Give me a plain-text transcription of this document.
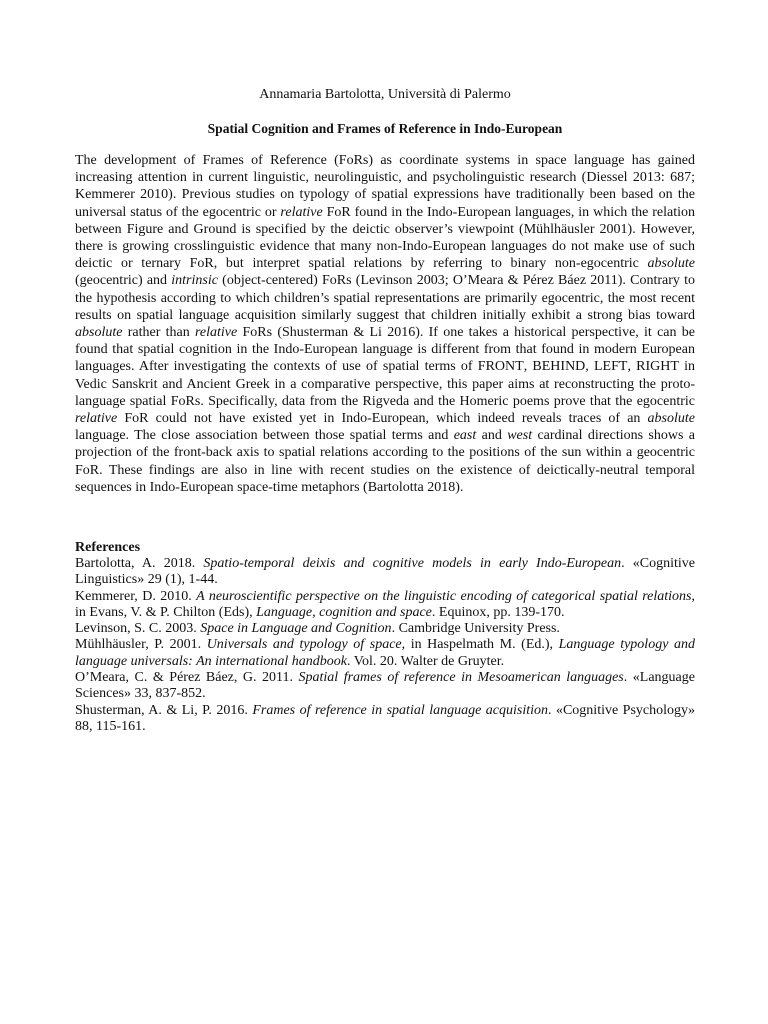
Annamaria Bartolotta, Università di Palermo
Spatial Cognition and Frames of Reference in Indo-European

The development of Frames of Reference (FoRs) as coordinate systems in space language has gained increasing attention in current linguistic, neurolinguistic, and psycholinguistic research (Diessel 2013: 687; Kemmerer 2010). Previous studies on typology of spatial expressions have traditionally been based on the universal status of the egocentric or relative FoR found in the Indo-European languages, in which the relation between Figure and Ground is specified by the deictic observer’s viewpoint (Mühlhäusler 2001). However, there is growing crosslinguistic evidence that many non-Indo-European languages do not make use of such deictic or ternary FoR, but interpret spatial relations by referring to binary non-egocentric absolute (geocentric) and intrinsic (object-centered) FoRs (Levinson 2003; O’Meara & Pérez Báez 2011). Contrary to the hypothesis according to which children’s spatial representations are primarily egocentric, the most recent results on spatial language acquisition similarly suggest that children initially exhibit a strong bias toward absolute rather than relative FoRs (Shusterman & Li 2016). If one takes a historical perspective, it can be found that spatial cognition in the Indo-European language is different from that found in modern European languages. After investigating the contexts of use of spatial terms of FRONT, BEHIND, LEFT, RIGHT in Vedic Sanskrit and Ancient Greek in a comparative perspective, this paper aims at reconstructing the proto-language spatial FoRs. Specifically, data from the Rigveda and the Homeric poems prove that the egocentric relative FoR could not have existed yet in Indo-European, which indeed reveals traces of an absolute language. The close association between those spatial terms and east and west cardinal directions shows a projection of the front-back axis to spatial relations according to the positions of the sun within a geocentric FoR. These findings are also in line with recent studies on the existence of deictically-neutral temporal sequences in Indo-European space-time metaphors (Bartolotta 2018).

References
Bartolotta, A. 2018. Spatio-temporal deixis and cognitive models in early Indo-European. «Cognitive Linguistics» 29 (1), 1-44.
Kemmerer, D. 2010. A neuroscientific perspective on the linguistic encoding of categorical spatial relations, in Evans, V. & P. Chilton (Eds), Language, cognition and space. Equinox, pp. 139-170.
Levinson, S. C. 2003. Space in Language and Cognition. Cambridge University Press.
Mühlhäusler, P. 2001. Universals and typology of space, in Haspelmath M. (Ed.), Language typology and language universals: An international handbook. Vol. 20. Walter de Gruyter.
O’Meara, C. & Pérez Báez, G. 2011. Spatial frames of reference in Mesoamerican languages. «Language Sciences» 33, 837-852.
Shusterman, A. & Li, P. 2016. Frames of reference in spatial language acquisition. «Cognitive Psychology» 88, 115-161.
